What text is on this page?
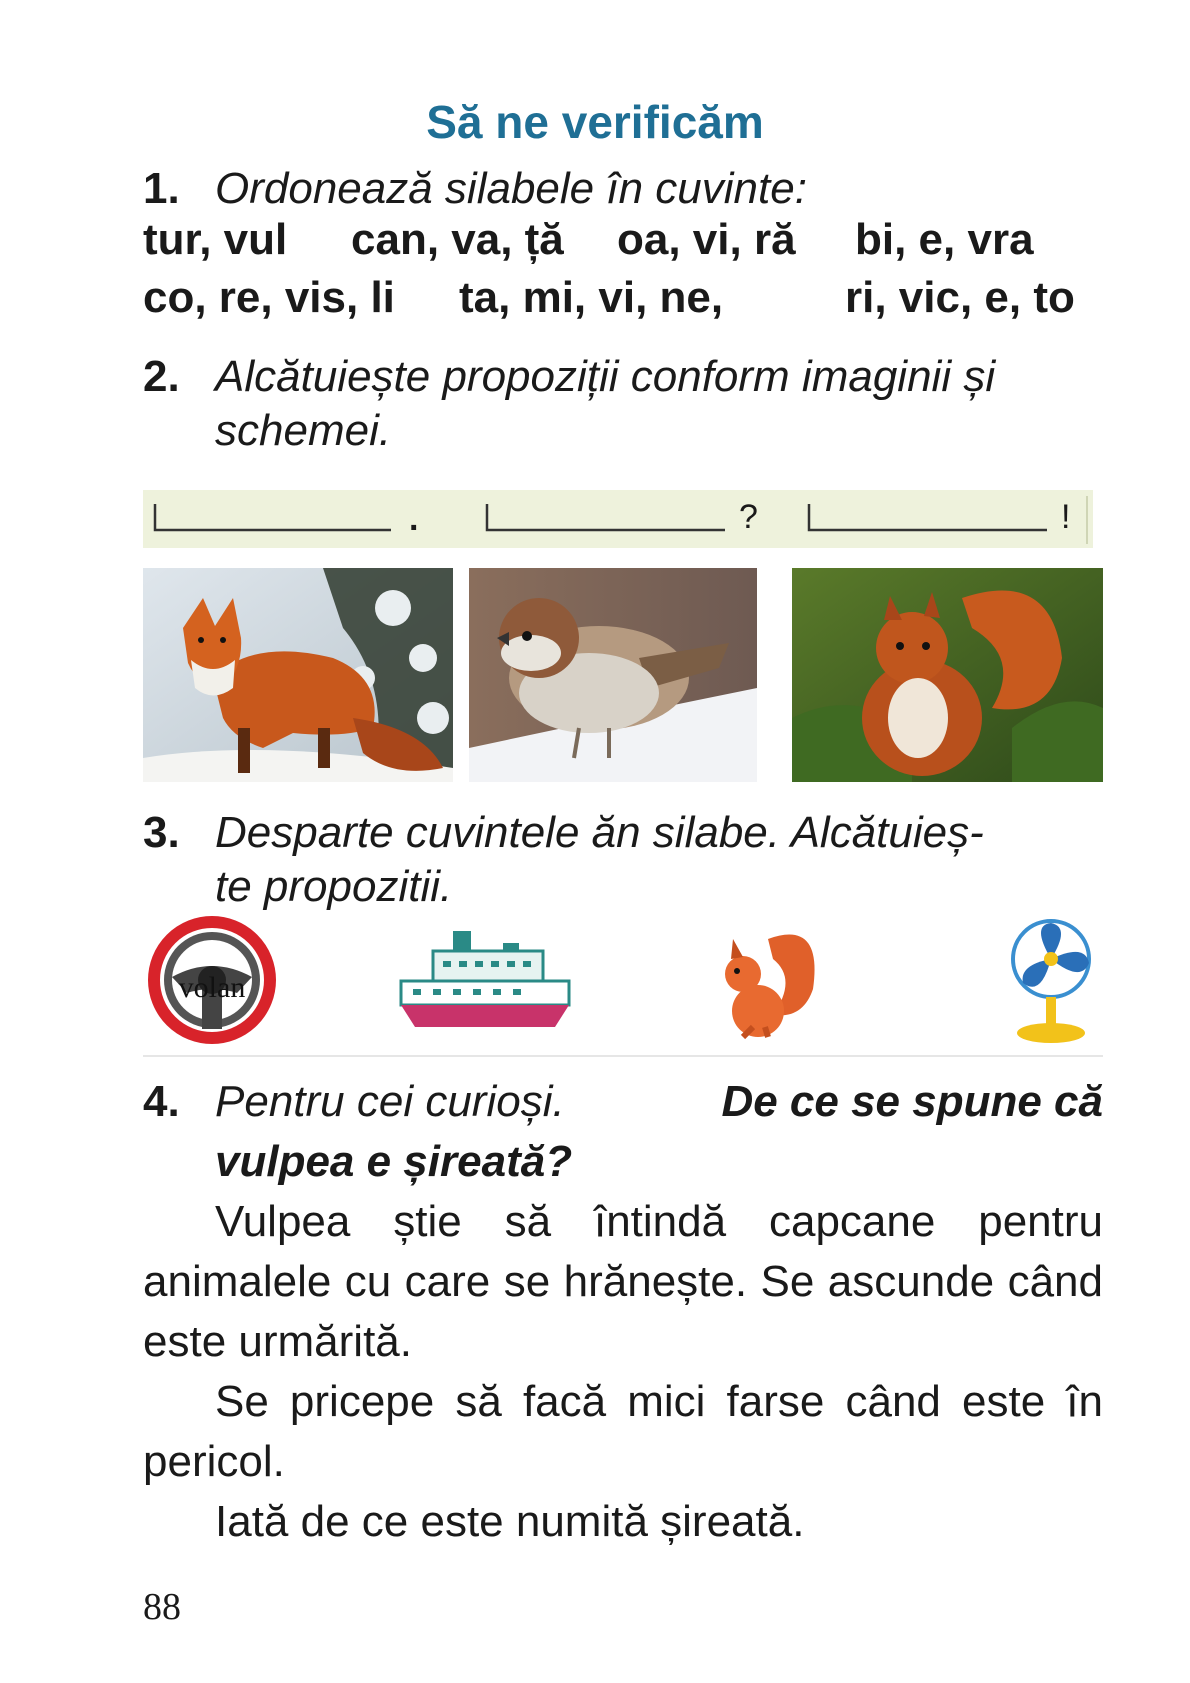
Să ne verificăm
1. Ordonează silabele în cuvinte:
tur, vul can, va, ță oa, vi, ră bi, e, vra
co, re, vis, li ta, mi, vi, ne,	ri, vic, e, to
2. Alcătuiește propoziții conform imaginii și
schemei.
.	?	!
3. Desparte cuvintele ăn silabe. Alcătuieș-
te propozitii.
volan
4. Pentru cei curioși.	De ce se spune că
vulpea e șireată?
Vulpea știe să întindă capcane pentru animalele cu care se hrănește. Se ascunde când este urmărită.
Se pricepe să facă mici farse când este în pericol.
Iată de ce este numită șireată.
88
